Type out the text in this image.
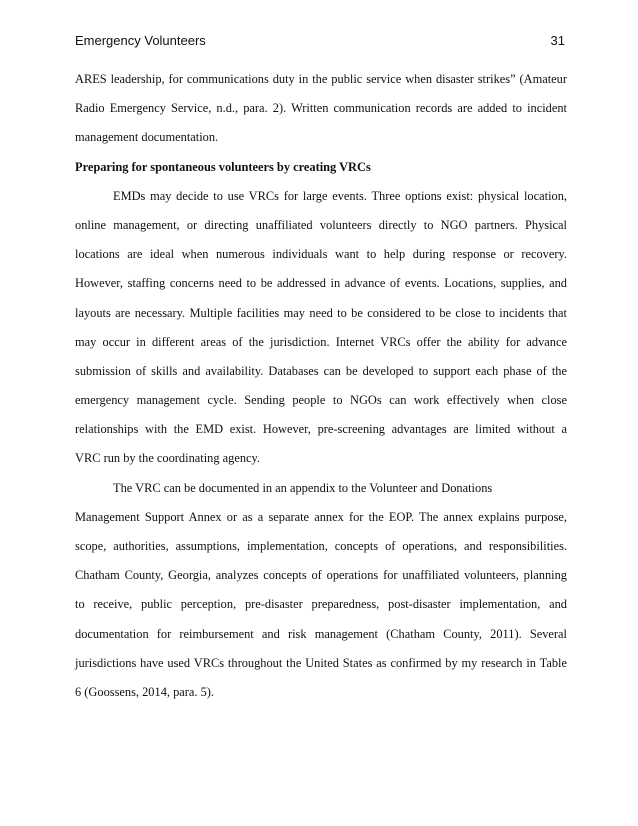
Emergency Volunteers	31
ARES leadership, for communications duty in the public service when disaster strikes” (Amateur
Radio Emergency Service, n.d., para. 2). Written communication records are added to incident
management documentation.
Preparing for spontaneous volunteers by creating VRCs
EMDs may decide to use VRCs for large events. Three options exist: physical location,
online management, or directing unaffiliated volunteers directly to NGO partners. Physical
locations are ideal when numerous individuals want to help during response or recovery.
However, staffing concerns need to be addressed in advance of events. Locations, supplies, and
layouts are necessary. Multiple facilities may need to be considered to be close to incidents that
may occur in different areas of the jurisdiction. Internet VRCs offer the ability for advance
submission of skills and availability. Databases can be developed to support each phase of the
emergency management cycle. Sending people to NGOs can work effectively when close
relationships with the EMD exist. However, pre-screening advantages are limited without a
VRC run by the coordinating agency.
The VRC can be documented in an appendix to the Volunteer and Donations
Management Support Annex or as a separate annex for the EOP. The annex explains purpose,
scope, authorities, assumptions, implementation, concepts of operations, and responsibilities.
Chatham County, Georgia, analyzes concepts of operations for unaffiliated volunteers, planning
to receive, public perception, pre-disaster preparedness, post-disaster implementation, and
documentation for reimbursement and risk management (Chatham County, 2011). Several
jurisdictions have used VRCs throughout the United States as confirmed by my research in Table
6 (Goossens, 2014, para. 5).
